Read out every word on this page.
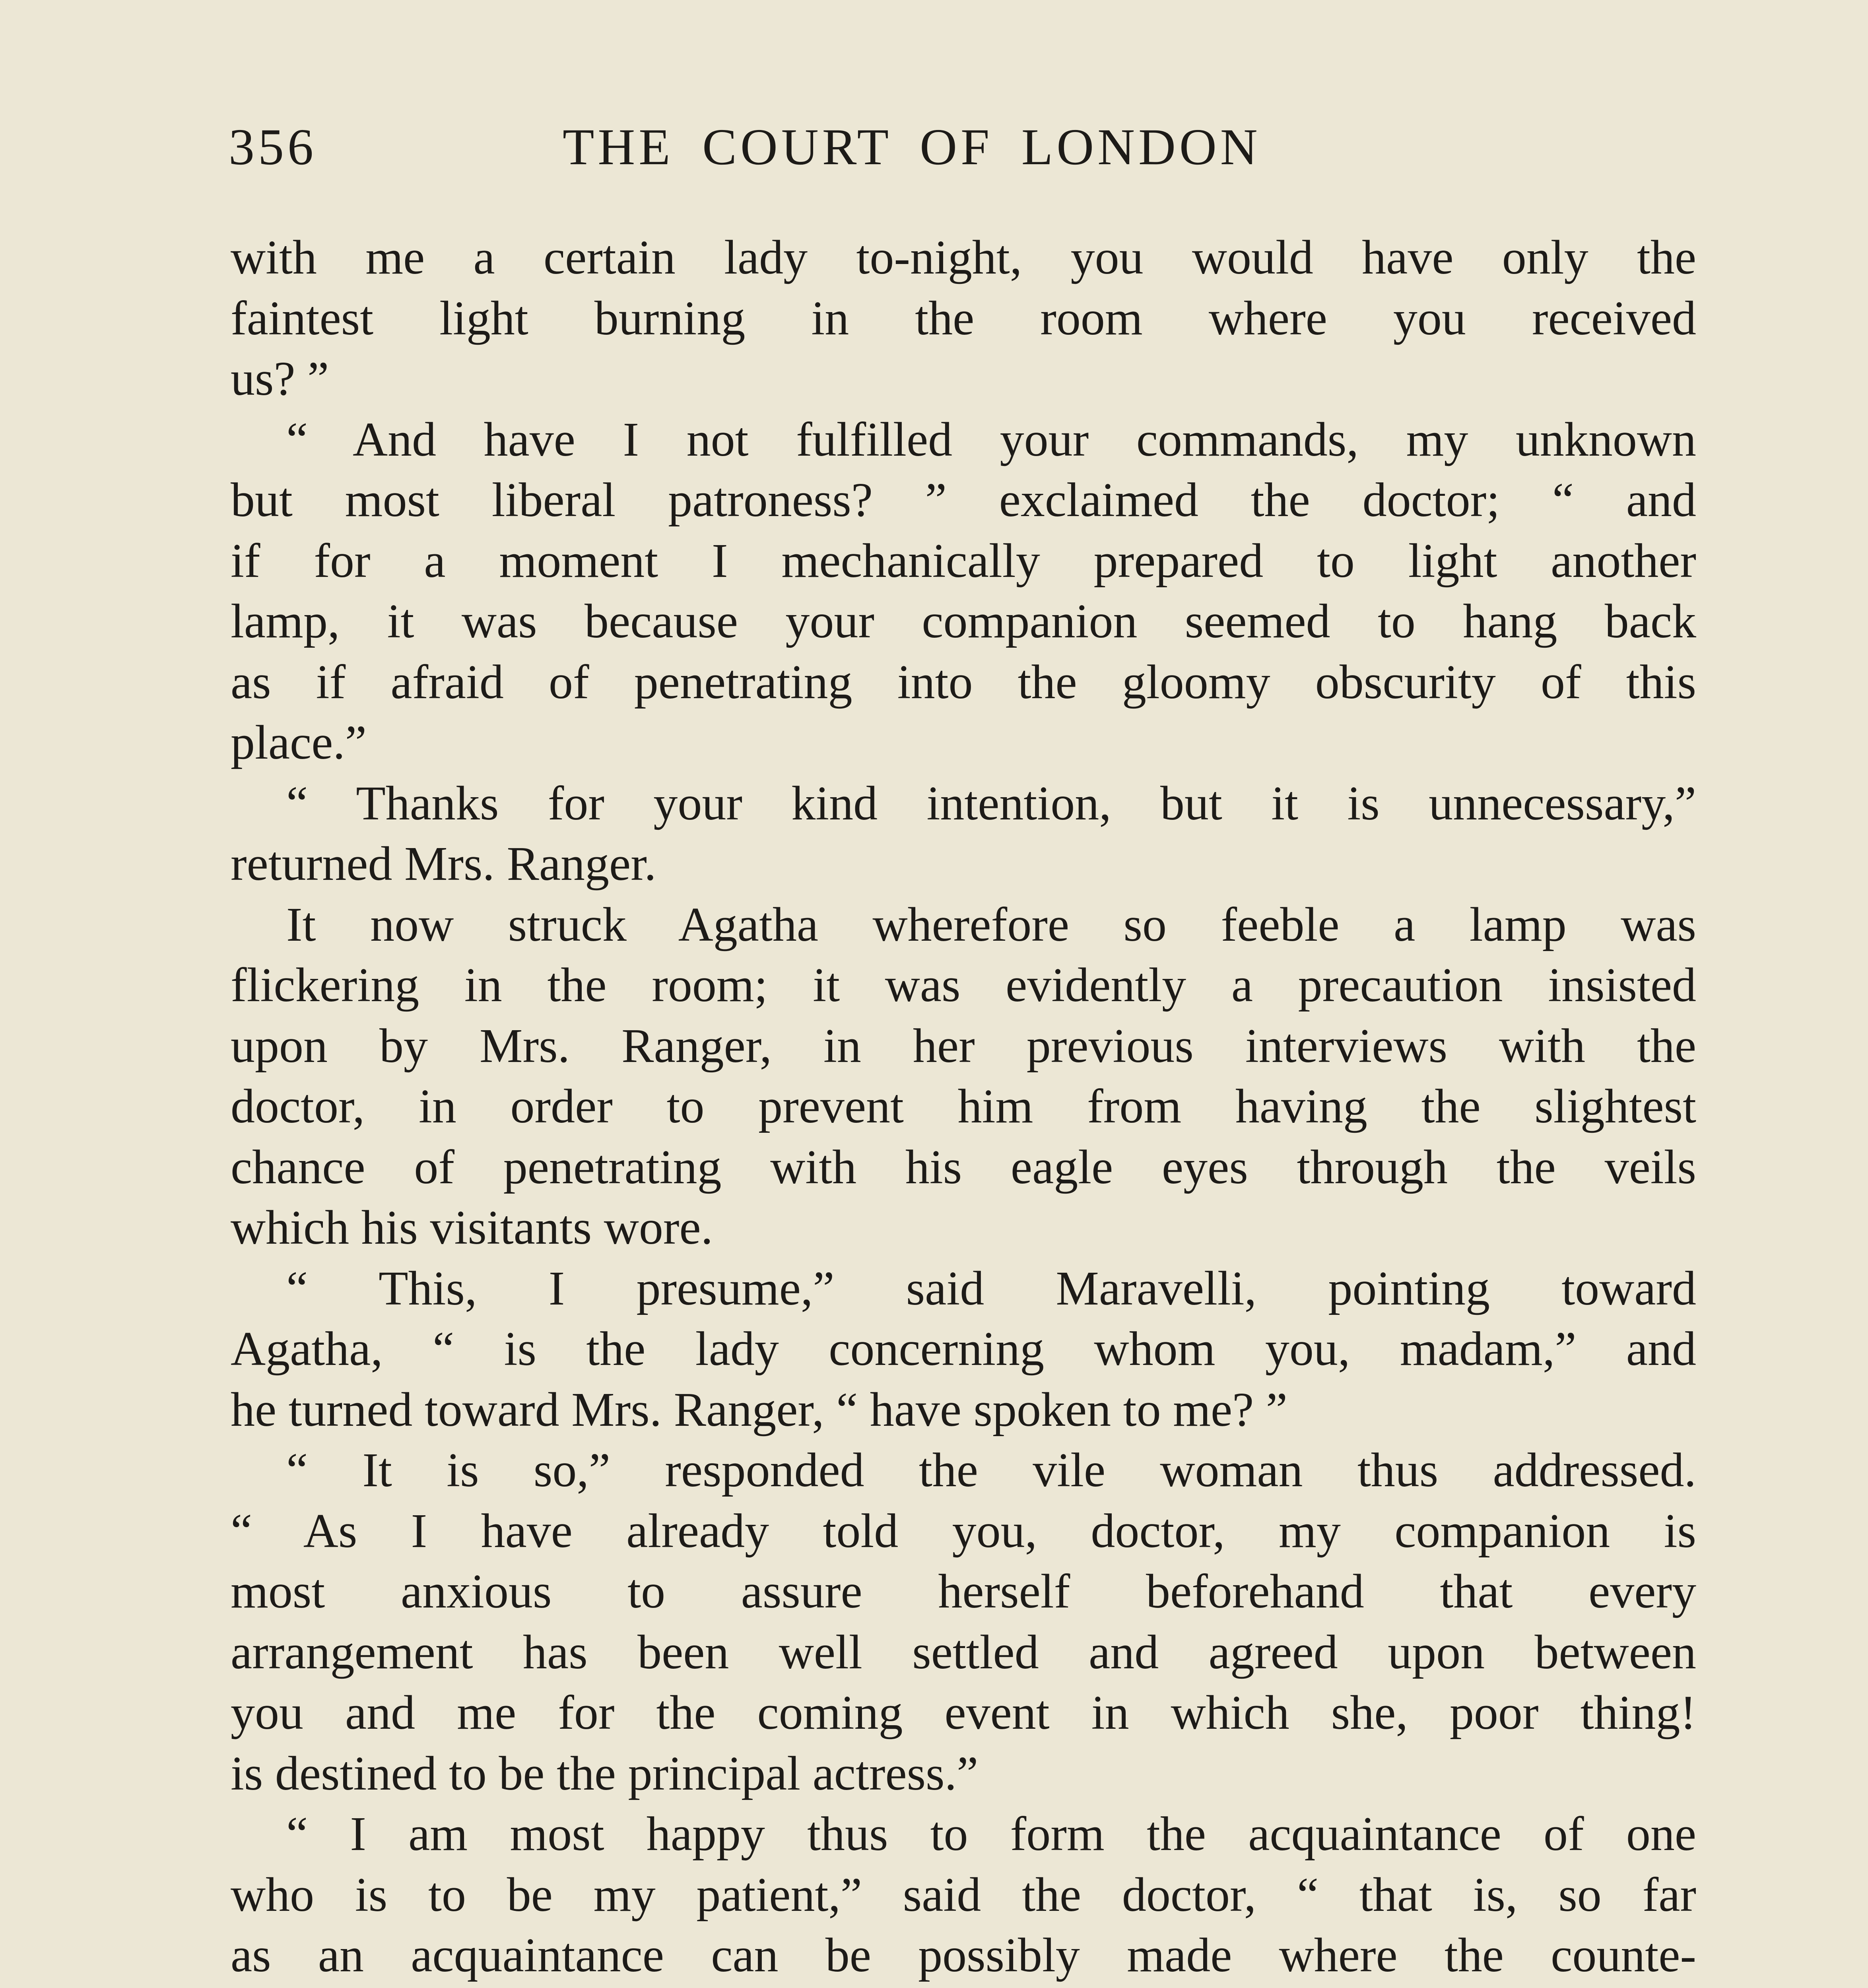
356	THE COURT OF LONDON
with me a certain lady to-night, you would have only the
faintest light burning in the room where you received
us? ”
“ And have I not fulfilled your commands, my unknown
but most liberal patroness? ” exclaimed the doctor; “ and
if for a moment I mechanically prepared to light another
lamp, it was because your companion seemed to hang back
as if afraid of penetrating into the gloomy obscurity of this
place.”
“ Thanks for your kind intention, but it is unnecessary,”
returned Mrs. Ranger.
It now struck Agatha wherefore so feeble a lamp was
flickering in the room; it was evidently a precaution insisted
upon by Mrs. Ranger, in her previous interviews with the
doctor, in order to prevent him from having the slightest
chance of penetrating with his eagle eyes through the veils
which his visitants wore.
“ This, I presume,” said Maravelli, pointing toward
Agatha, “ is the lady concerning whom you, madam,” and
he turned toward Mrs. Ranger, “ have spoken to me? ”
“ It is so,” responded the vile woman thus addressed.
“ As I have already told you, doctor, my companion is
most anxious to assure herself beforehand that every
arrangement has been well settled and agreed upon between
you and me for the coming event in which she, poor thing!
is destined to be the principal actress.”
“ I am most happy thus to form the acquaintance of one
who is to be my patient,” said the doctor, “ that is, so far
as an acquaintance can be possibly made where the counte-
